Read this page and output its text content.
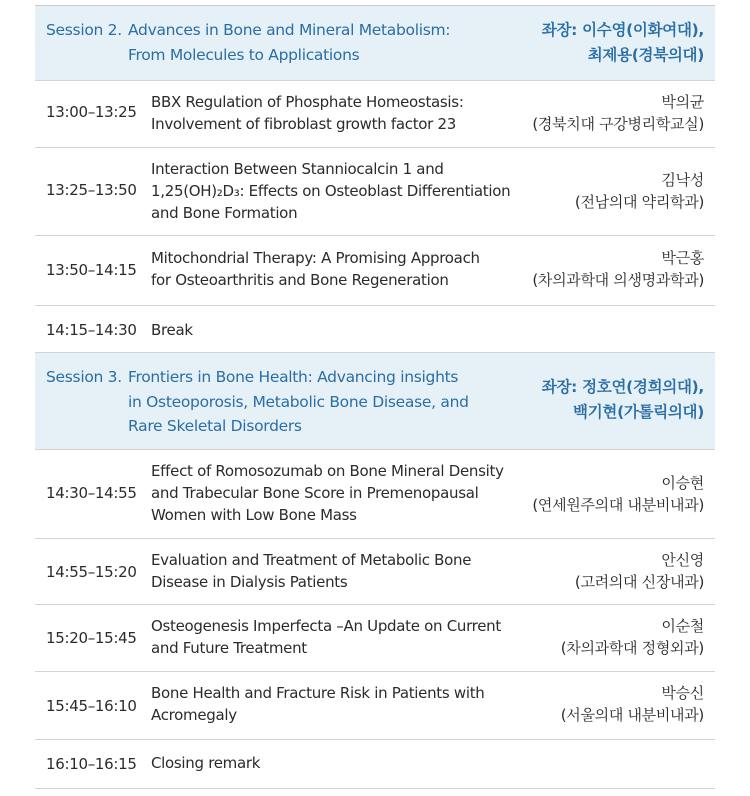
Session 2. Advances in Bone and Mineral Metabolism:
From Molecules to Applications
좌장: 이수영(이화여대),
최제용(경북의대)
13:00–13:25
BBX Regulation of Phosphate Homeostasis:
Involvement of fibroblast growth factor 23
박의균
(경북치대 구강병리학교실)
13:25–13:50
Interaction Between Stanniocalcin 1 and
1,25(OH)₂D₃: Effects on Osteoblast Differentiation
and Bone Formation
김낙성
(전남의대 약리학과)
13:50–14:15
Mitochondrial Therapy: A Promising Approach
for Osteoarthritis and Bone Regeneration
박근홍
(차의과학대 의생명과학과)
14:15–14:30 Break
Session 3. Frontiers in Bone Health: Advancing insights
in Osteoporosis, Metabolic Bone Disease, and
Rare Skeletal Disorders
좌장: 정호연(경희의대),
백기현(가톨릭의대)
14:30–14:55
Effect of Romosozumab on Bone Mineral Density
and Trabecular Bone Score in Premenopausal
Women with Low Bone Mass
이승현
(연세원주의대 내분비내과)
14:55–15:20
Evaluation and Treatment of Metabolic Bone
Disease in Dialysis Patients
안신영
(고려의대 신장내과)
15:20–15:45
Osteogenesis Imperfecta –An Update on Current
and Future Treatment
이순철
(차의과학대 정형외과)
15:45–16:10
Bone Health and Fracture Risk in Patients with
Acromegaly
박승신
(서울의대 내분비내과)
16:10–16:15 Closing remark
